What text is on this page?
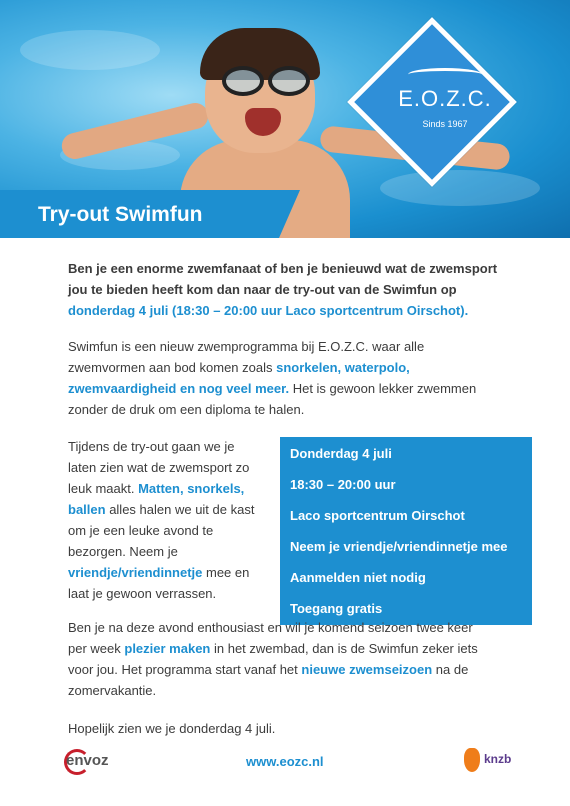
E.O.Z.C.
Sinds 1967
Try-out Swimfun
Ben je een enorme zwemfanaat of ben je benieuwd wat de zwemsport jou te bieden heeft kom dan naar de try-out van de Swimfun op donderdag 4 juli (18:30 – 20:00 uur Laco sportcentrum Oirschot).
Swimfun is een nieuw zwemprogramma bij E.O.Z.C. waar alle zwemvormen aan bod komen zoals snorkelen, waterpolo, zwemvaardigheid en nog veel meer. Het is gewoon lekker zwemmen zonder de druk om een diploma te halen.
Tijdens de try-out gaan we je laten zien wat de zwemsport zo leuk maakt. Matten, snorkels, ballen alles halen we uit de kast om je een leuke avond te bezorgen. Neem je vriendje/vriendinnetje mee en laat je gewoon verrassen.
Donderdag 4 juli
18:30 – 20:00 uur
Laco sportcentrum Oirschot
Neem je vriendje/vriendinnetje mee
Aanmelden niet nodig
Toegang gratis
Ben je na deze avond enthousiast en wil je komend seizoen twee keer per week plezier maken in het zwembad, dan is de Swimfun zeker iets voor jou. Het programma start vanaf het nieuwe zwemseizoen na de zomervakantie.
Hopelijk zien we je donderdag 4 juli.
envoz	www.eozc.nl	knzb
